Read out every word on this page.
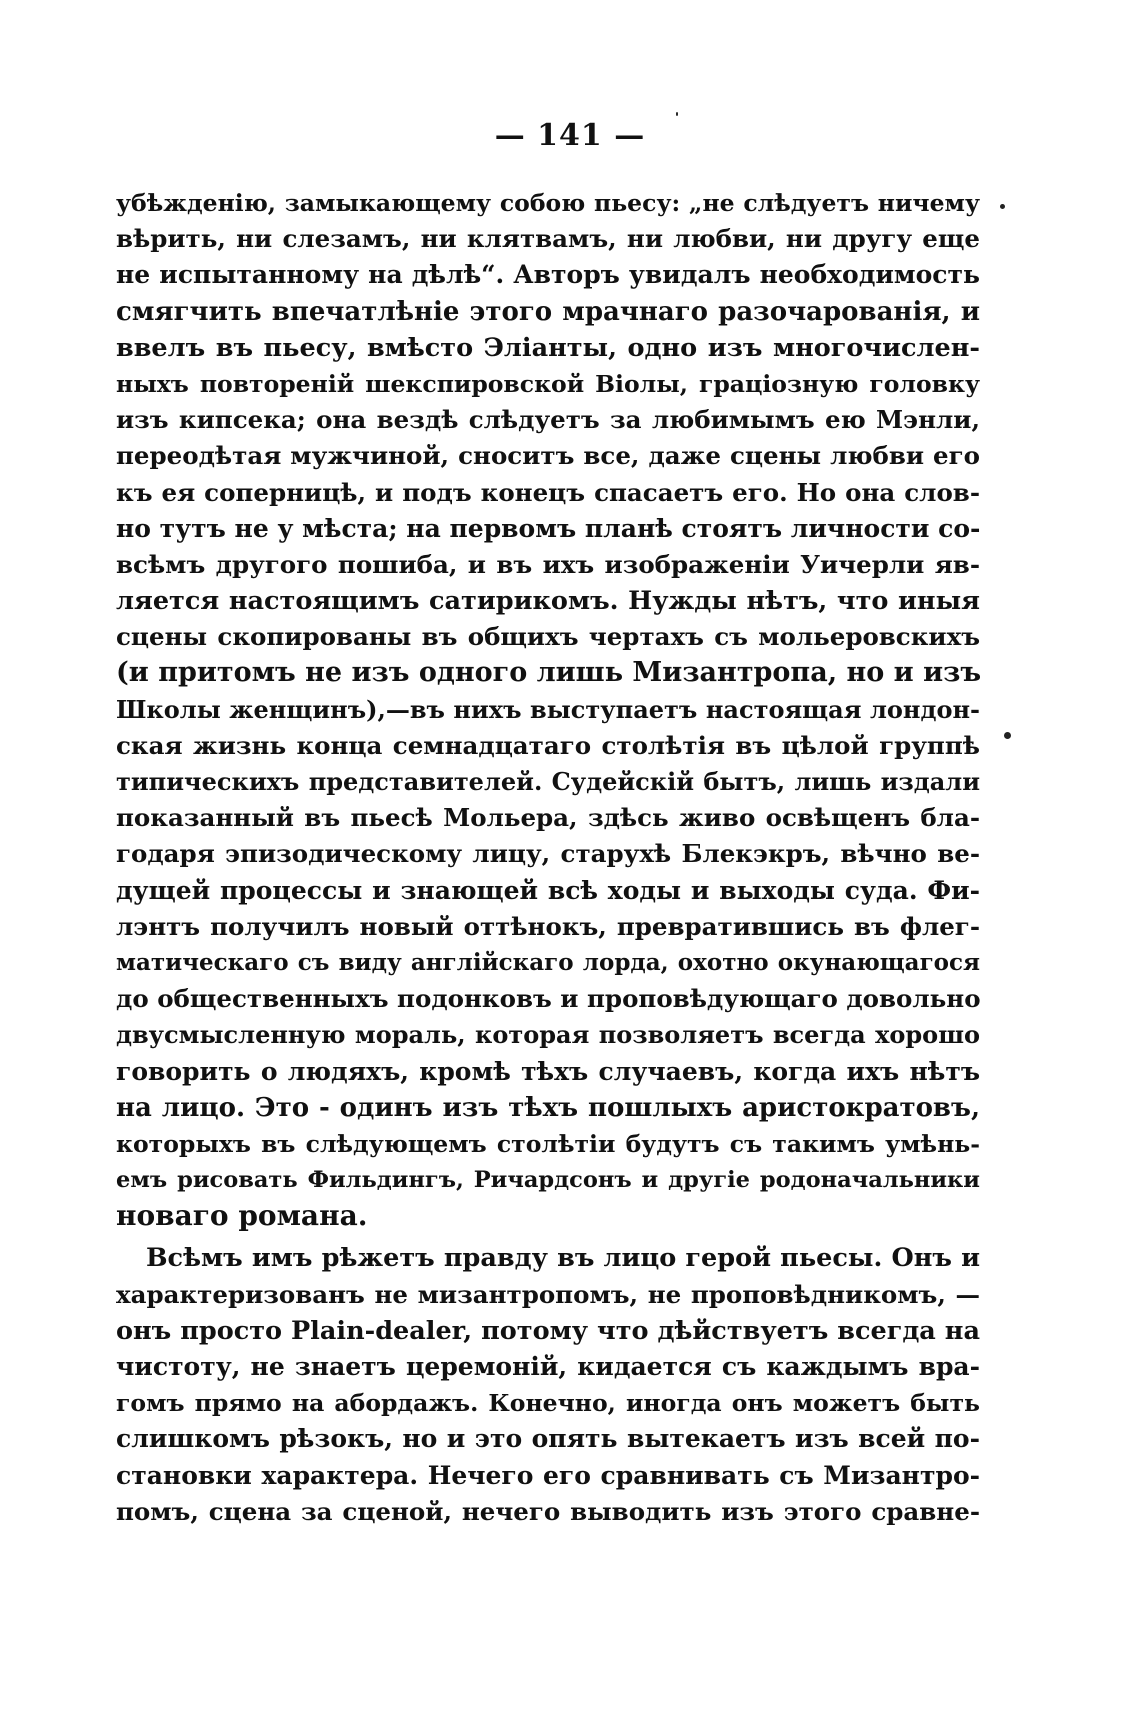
— 141 —
убѣжденію, замыкающему собою пьесу: „не слѣдуетъ ничему
вѣрить, ни слезамъ, ни клятвамъ, ни любви, ни другу еще
не испытанному на дѣлѣ“. Авторъ увидалъ необходимость
смягчить впечатлѣніе этого мрачнаго разочарованія, и
ввелъ въ пьесу, вмѣсто Эліанты, одно изъ многочислен-
ныхъ повтореній шекспировской Віолы, граціозную головку
изъ кипсека; она вездѣ слѣдуетъ за любимымъ ею Мэнли,
переодѣтая мужчиной, сноситъ все, даже сцены любви его
къ ея соперницѣ, и подъ конецъ спасаетъ его. Но она слов-
но тутъ не у мѣста; на первомъ планѣ стоятъ личности со-
всѣмъ другого пошиба, и въ ихъ изображеніи Уичерли яв-
ляется настоящимъ сатирикомъ. Нужды нѣтъ, что иныя
сцены скопированы въ общихъ чертахъ съ мольеровскихъ
(и притомъ не изъ одного лишь Мизантропа, но и изъ
Школы женщинъ),—въ нихъ выступаетъ настоящая лондон-
ская жизнь конца семнадцатаго столѣтія въ цѣлой группѣ
типическихъ представителей. Судейскій бытъ, лишь издали
показанный въ пьесѣ Мольера, здѣсь живо освѣщенъ бла-
годаря эпизодическому лицу, старухѣ Блекэкръ, вѣчно ве-
дущей процессы и знающей всѣ ходы и выходы суда. Фи-
лэнтъ получилъ новый оттѣнокъ, превратившись въ флег-
матическаго съ виду англійскаго лорда, охотно окунающагося
до общественныхъ подонковъ и проповѣдующаго довольно
двусмысленную мораль, которая позволяетъ всегда хорошо
говорить о людяхъ, кромѣ тѣхъ случаевъ, когда ихъ нѣтъ
на лицо. Это - одинъ изъ тѣхъ пошлыхъ аристократовъ,
которыхъ въ слѣдующемъ столѣтіи будутъ съ такимъ умѣнь-
емъ рисовать Фильдингъ, Ричардсонъ и другіе родоначальники
новаго романа.
Всѣмъ имъ рѣжетъ правду въ лицо герой пьесы. Онъ и
характеризованъ не мизантропомъ, не проповѣдникомъ, —
онъ просто Plain-dealer, потому что дѣйствуетъ всегда на
чистоту, не знаетъ церемоній, кидается съ каждымъ вра-
гомъ прямо на абордажъ. Конечно, иногда онъ можетъ быть
слишкомъ рѣзокъ, но и это опять вытекаетъ изъ всей по-
становки характера. Нечего его сравнивать съ Мизантро-
помъ, сцена за сценой, нечего выводить изъ этого сравне-
